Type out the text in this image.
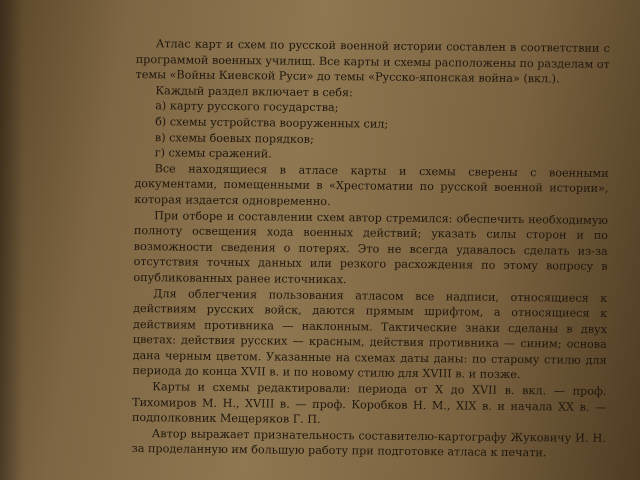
Атлас карт и схем по русской военной истории составлен в соответствии с программой военных училищ. Все карты и схемы расположены по разделам от темы «Войны Киевской Руси» до темы «Русско-японская война» (вкл.).

Каждый раздел включает в себя:

а) карту русского государства;

б) схемы устройства вооруженных сил;

в) схемы боевых порядков;

г) схемы сражений.

Все находящиеся в атласе карты и схемы сверены с военными документами, помещенными в «Хрестоматии по русской военной истории», которая издается одновременно.

При отборе и составлении схем автор стремился: обеспечить необходимую полноту освещения хода военных действий; указать силы сторон и по возможности сведения о потерях. Это не всегда удавалось сделать из-за отсутствия точных данных или резкого расхождения по этому вопросу в опубликованных ранее источниках.

Для облегчения пользования атласом все надписи, относящиеся к действиям русских войск, даются прямым шрифтом, а относящиеся к действиям противника — наклонным. Тактические знаки сделаны в двух цветах: действия русских — красным, действия противника — синим; основа дана черным цветом. Указанные на схемах даты даны: по старому стилю для периода до конца XVII в. и по новому стилю для XVIII в. и позже.

Карты и схемы редактировали: периода от X до XVII в. вкл. — проф. Тихомиров М. Н., XVIII в. — проф. Коробков Н. М., XIX в. и начала XX в. — подполковник Мещеряков Г. П.

Автор выражает признательность составителю-картографу Жуковичу И. Н. за проделанную им большую работу при подготовке атласа к печати.
